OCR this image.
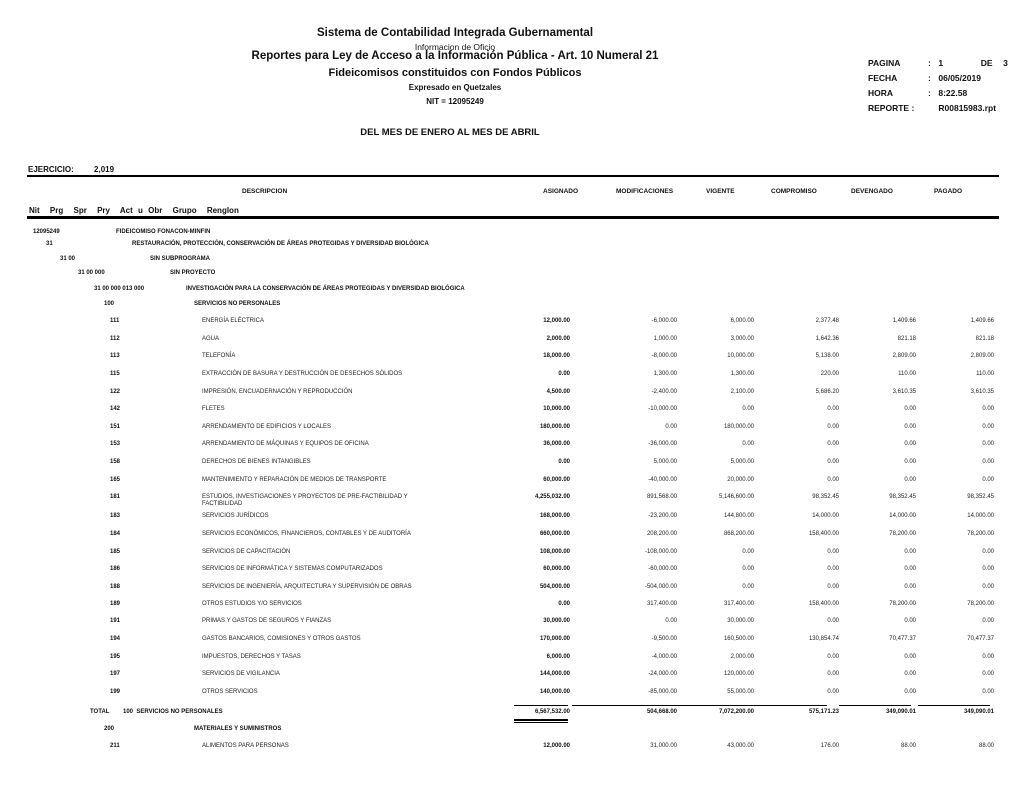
Sistema de Contabilidad Integrada Gubernamental
Informacion de Oficio
Reportes para Ley de Acceso a la Información Pública - Art. 10 Numeral 21
Fideicomisos constituidos con Fondos Públicos
Expresado en Quetzales
NIT = 12095249
DEL MES DE ENERO AL MES DE ABRIL
PAGINA	: 1	DE 3
FECHA	: 06/05/2019
HORA	: 8:22.58
REPORTE :	R00815983.rpt
EJERCICIO:	2,019
DESCRIPCION	ASIGNADO	MODIFICACIONES	VIGENTE	COMPROMISO	DEVENGADO	PAGADO
Nit Prg Spr Pry Act u Obr Grupo Renglon
12095249	FIDEICOMISO FONACON-MINFIN
31	RESTAURACIÓN, PROTECCIÓN, CONSERVACIÓN DE ÁREAS PROTEGIDAS Y DIVERSIDAD BIOLÓGICA
31 00	SIN SUBPROGRAMA
31 00 000	SIN PROYECTO
31 00 000 013 000	INVESTIGACIÓN PARA LA CONSERVACIÓN DE ÁREAS PROTEGIDAS Y DIVERSIDAD BIOLÓGICA
100	SERVICIOS NO PERSONALES
111	ENERGÍA ELÉCTRICA	12,000.00	-6,000.00	6,000.00	2,377.48	1,409.66	1,409.66
112	AGUA	2,000.00	1,000.00	3,000.00	1,642.36	821.18	821.18
113	TELEFONÍA	18,000.00	-8,000.00	10,000.00	5,138.00	2,809.00	2,809.00
115	EXTRACCIÓN DE BASURA Y DESTRUCCIÓN DE DESECHOS SÓLIDOS	0.00	1,300.00	1,300.00	220.00	110.00	110.00
122	IMPRESIÓN, ENCUADERNACIÓN Y REPRODUCCIÓN	4,500.00	-2,400.00	2,100.00	5,686.20	3,610.35	3,610.35
142	FLETES	10,000.00	-10,000.00	0.00	0.00	0.00	0.00
151	ARRENDAMIENTO DE EDIFICIOS Y LOCALES	180,000.00	0.00	180,000.00	0.00	0.00	0.00
153	ARRENDAMIENTO DE MÁQUINAS Y EQUIPOS DE OFICINA	36,000.00	-36,000.00	0.00	0.00	0.00	0.00
158	DERECHOS DE BIENES INTANGIBLES	0.00	5,000.00	5,000.00	0.00	0.00	0.00
165	MANTENIMIENTO Y REPARACIÓN DE MEDIOS DE TRANSPORTE	60,000.00	-40,000.00	20,000.00	0.00	0.00	0.00
181	ESTUDIOS, INVESTIGACIONES Y PROYECTOS DE PRE-FACTIBILIDAD Y
FACTIBILIDAD
4,255,032.00	891,568.00	5,146,600.00	98,352.45	98,352.45	98,352.45
183	SERVICIOS JURÍDICOS	168,000.00	-23,200.00	144,800.00	14,000.00	14,000.00	14,000.00
184	SERVICIOS ECONÓMICOS, FINANCIEROS, CONTABLES Y DE AUDITORÍA	660,000.00	208,200.00	868,200.00	158,400.00	78,200.00	78,200.00
185	SERVICIOS DE CAPACITACIÓN	108,000.00	-108,000.00	0.00	0.00	0.00	0.00
186	SERVICIOS DE INFORMÁTICA Y SISTEMAS COMPUTARIZADOS	60,000.00	-60,000.00	0.00	0.00	0.00	0.00
188	SERVICIOS DE INGENIERÍA, ARQUITECTURA Y SUPERVISIÓN DE OBRAS	504,000.00	-504,000.00	0.00	0.00	0.00	0.00
189	OTROS ESTUDIOS Y/O SERVICIOS	0.00	317,400.00	317,400.00	158,400.00	78,200.00	78,200.00
191	PRIMAS Y GASTOS DE SEGUROS Y FIANZAS	30,000.00	0.00	30,000.00	0.00	0.00	0.00
194	GASTOS BANCARIOS, COMISIONES Y OTROS GASTOS	170,000.00	-9,500.00	160,500.00	130,854.74	70,477.37	70,477.37
195	IMPUESTOS, DERECHOS Y TASAS	6,000.00	-4,000.00	2,000.00	0.00	0.00	0.00
197	SERVICIOS DE VIGILANCIA	144,000.00	-24,000.00	120,000.00	0.00	0.00	0.00
199	OTROS SERVICIOS	140,000.00	-85,000.00	55,000.00	0.00	0.00	0.00
TOTAL 100  SERVICIOS NO PERSONALES	6,567,532.00	504,668.00	7,072,200.00	575,171.23	349,090.01	349,090.01
200	MATERIALES Y SUMINISTROS
211	ALIMENTOS PARA PERSONAS	12,000.00	31,000.00	43,000.00	176.00	88.00	88.00
